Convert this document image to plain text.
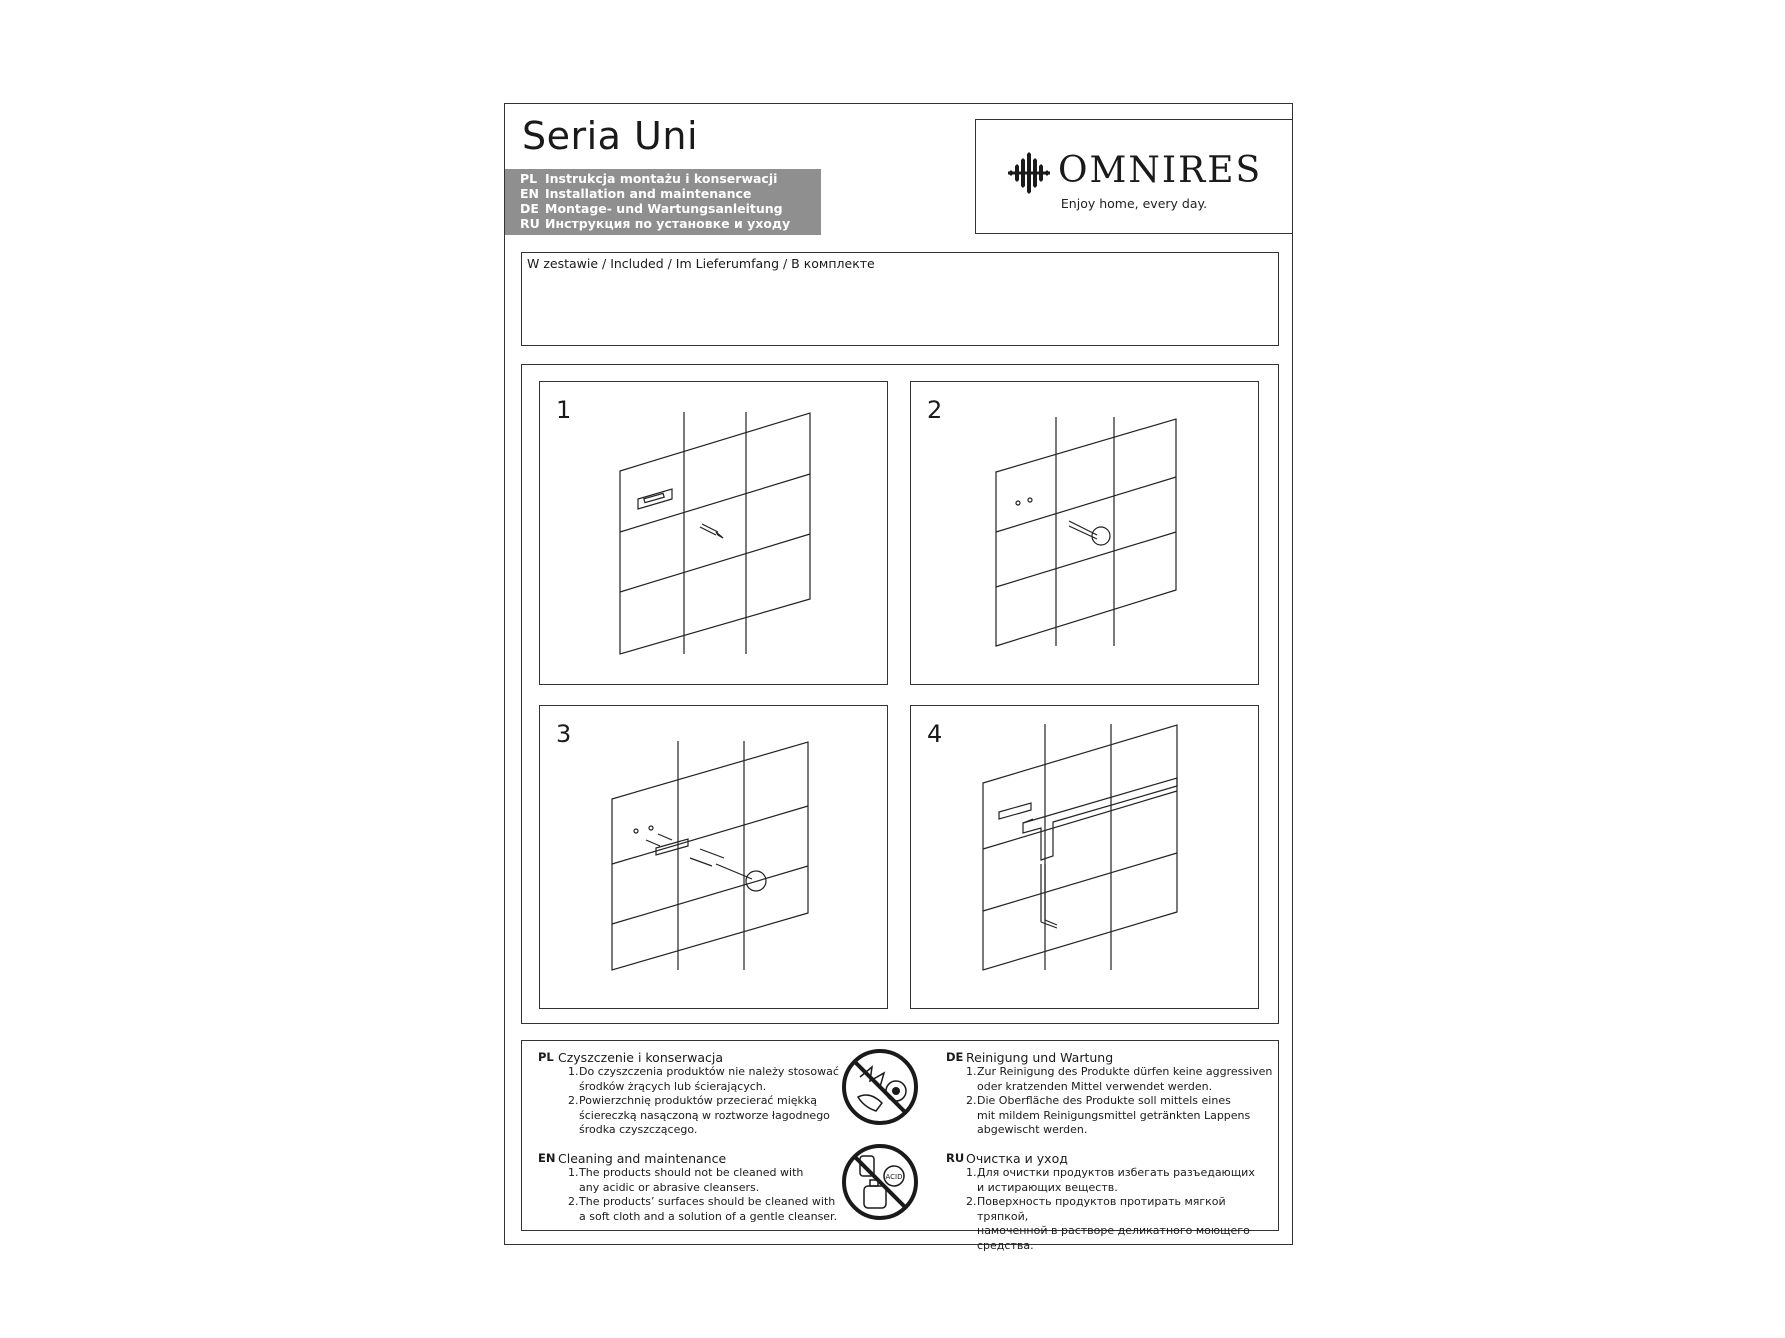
Seria Uni
PL Instrukcja montażu i konserwacji
EN Installation and maintenance
DE Montage- und Wartungsanleitung
RU Инструкция по установке и уходу
OMNIRES
Enjoy home, every day.
W zestawie / Included / Im Lieferumfang / В комплекте
1	2
3	4
PL Czyszczenie i konserwacja
1. Do czyszczenia produktów nie należy stosować
środków żrących lub ścierających.
2. Powierzchnię produktów przecierać miękką
ściereczką nasączoną w roztworze łagodnego
środka czyszczącego.
EN Cleaning and maintenance
1. The products should not be cleaned with
any acidic or abrasive cleansers.
2. The products’ surfaces should be cleaned with
a soft cloth and a solution of a gentle cleanser.
ACID
DE Reinigung und Wartung
1. Zur Reinigung des Produkte dürfen keine aggressiven
oder kratzenden Mittel verwendet werden.
2. Die Oberfläche des Produkte soll mittels eines
mit mildem Reinigungsmittel getränkten Lappens
abgewischt werden.
RU Очистка и уход
1. Для очистки продуктов избегать разъедающих
и истирающих веществ.
2. Поверхность продуктов протирать мягкой тряпкой,
намоченной в растворе деликатного моющего средства.
